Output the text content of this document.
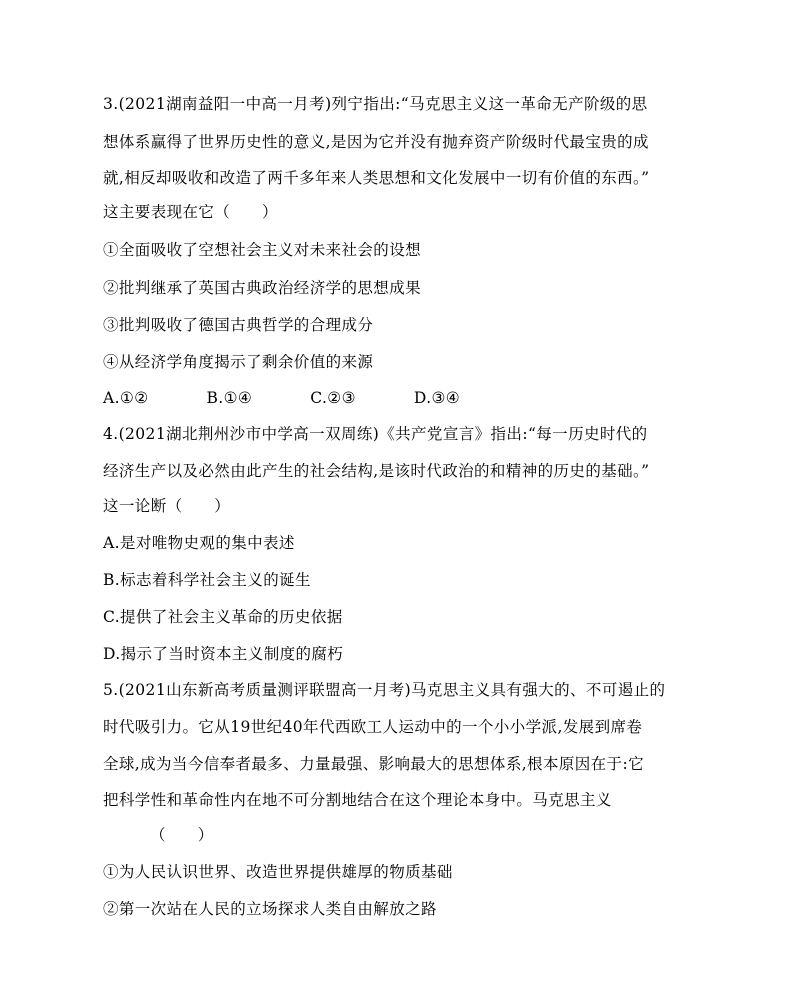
3.(2021湖南益阳一中高一月考)列宁指出:“马克思主义这一革命无产阶级的思
想体系赢得了世界历史性的意义,是因为它并没有抛弃资产阶级时代最宝贵的成
就,相反却吸收和改造了两千多年来人类思想和文化发展中一切有价值的东西。”
这主要表现在它（　　）
①全面吸收了空想社会主义对未来社会的设想
②批判继承了英国古典政治经济学的思想成果
③批判吸收了德国古典哲学的合理成分
④从经济学角度揭示了剩余价值的来源
A.①②	B.①④	C.②③	D.③④
4.(2021湖北荆州沙市中学高一双周练)《共产党宣言》指出:“每一历史时代的
经济生产以及必然由此产生的社会结构,是该时代政治的和精神的历史的基础。”
这一论断（　　）
A.是对唯物史观的集中表述
B.标志着科学社会主义的诞生
C.提供了社会主义革命的历史依据
D.揭示了当时资本主义制度的腐朽
5.(2021山东新高考质量测评联盟高一月考)马克思主义具有强大的、不可遏止的
时代吸引力。它从19世纪40年代西欧工人运动中的一个小小学派,发展到席卷
全球,成为当今信奉者最多、力量最强、影响最大的思想体系,根本原因在于:它
把科学性和革命性内在地不可分割地结合在这个理论本身中。马克思主义
（　　）
①为人民认识世界、改造世界提供雄厚的物质基础
②第一次站在人民的立场探求人类自由解放之路
